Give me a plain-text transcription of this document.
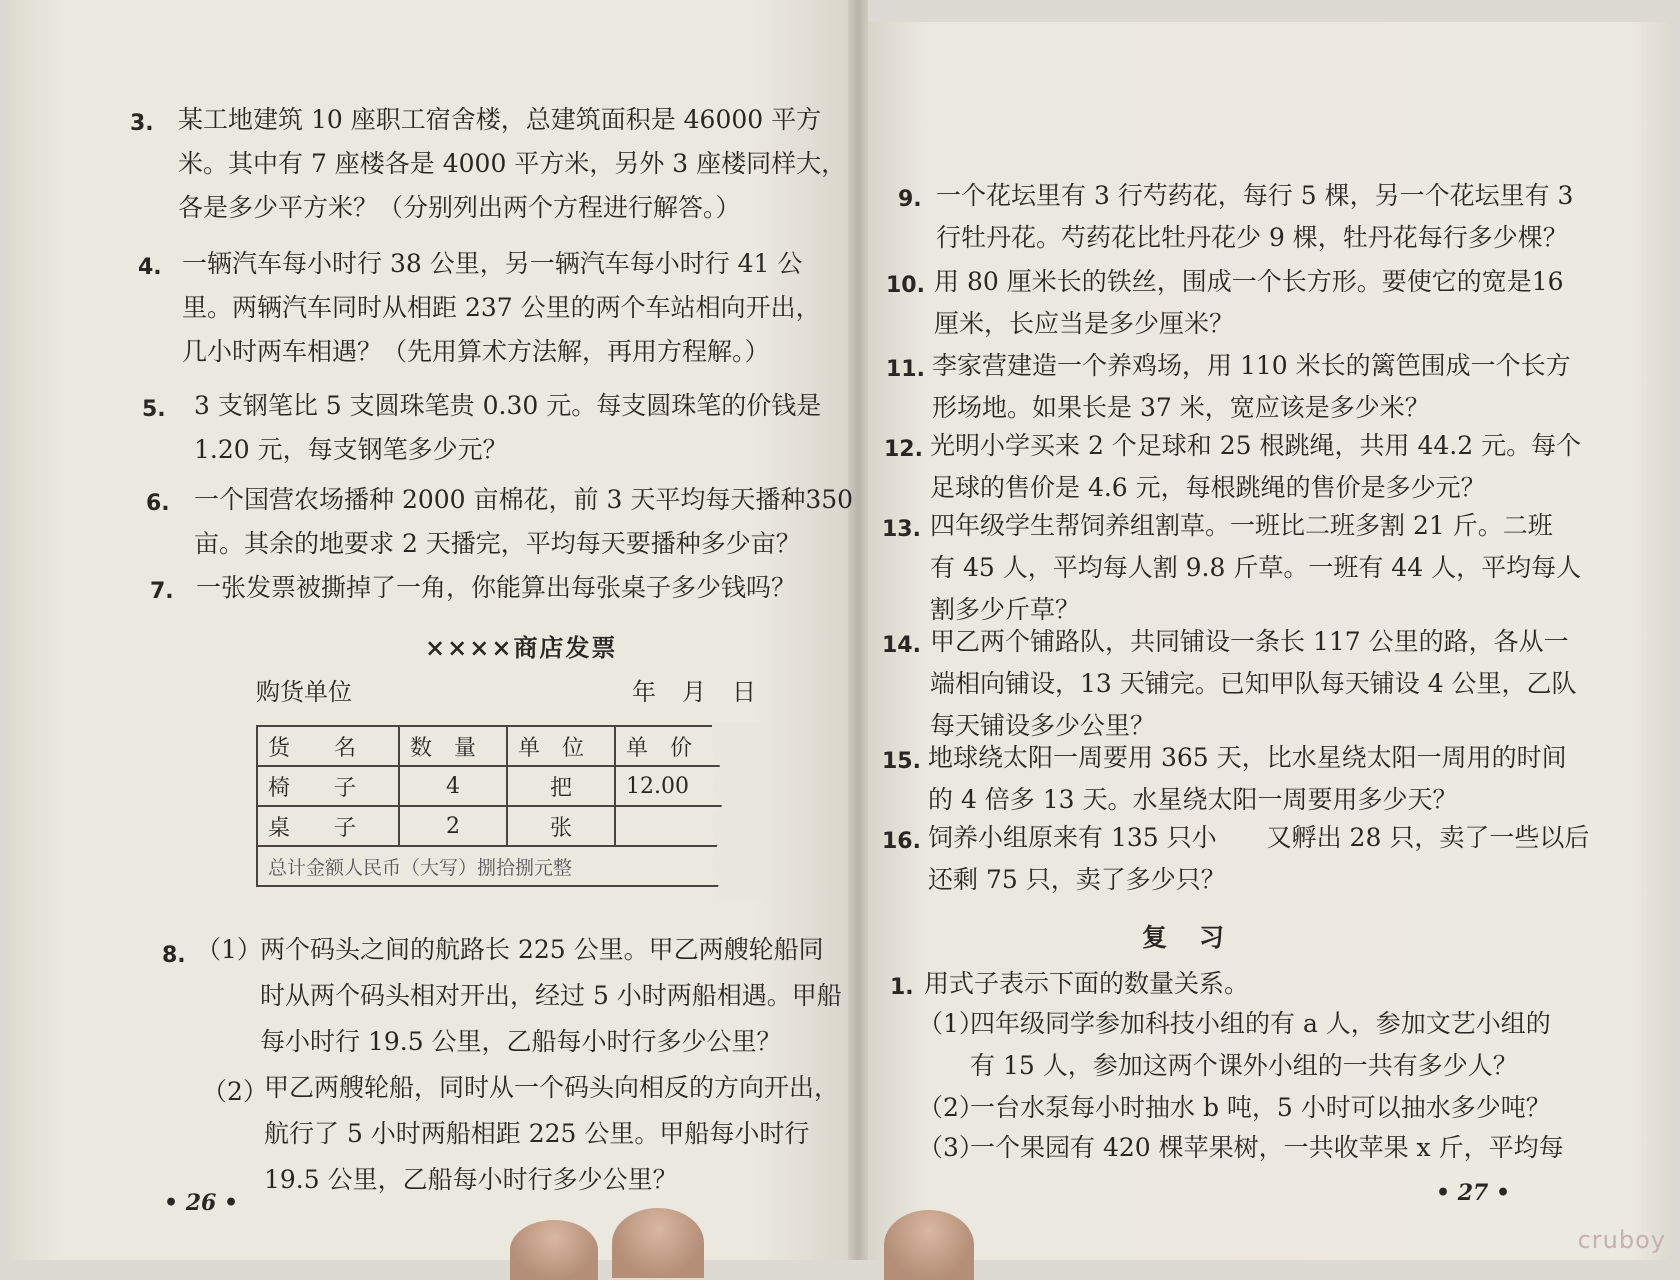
3. 某工地建筑 10 座职工宿舍楼，总建筑面积是 46000 平方
米。其中有 7 座楼各是 4000 平方米，另外 3 座楼同样大，
各是多少平方米？（分别列出两个方程进行解答。）
4. 一辆汽车每小时行 38 公里，另一辆汽车每小时行 41 公
里。两辆汽车同时从相距 237 公里的两个车站相向开出，
几小时两车相遇？（先用算术方法解，再用方程解。）
5. 3 支钢笔比 5 支圆珠笔贵 0.30 元。每支圆珠笔的价钱是
1.20 元，每支钢笔多少元？
6. 一个国营农场播种 2000 亩棉花，前 3 天平均每天播种350
亩。其余的地要求 2 天播完，平均每天要播种多少亩？
7. 一张发票被撕掉了一角，你能算出每张桌子多少钱吗？
××××商店发票
购货单位	年 月 日
货　　名	数　量	单　位	单　价
椅　　子	4	把	12.00
桌　　子	2	张	
总计金额人民币（大写）捌拾捌元整			
8. （1）
两个码头之间的航路长 225 公里。甲乙两艘轮船同
时从两个码头相对开出，经过 5 小时两船相遇。甲船
每小时行 19.5 公里，乙船每小时行多少公里？
（2）
甲乙两艘轮船，同时从一个码头向相反的方向开出，
航行了 5 小时两船相距 225 公里。甲船每小时行
19.5 公里，乙船每小时行多少公里？
• 26 •
9. 一个花坛里有 3 行芍药花，每行 5 棵，另一个花坛里有 3
行牡丹花。芍药花比牡丹花少 9 棵，牡丹花每行多少棵？
10. 用 80 厘米长的铁丝，围成一个长方形。要使它的宽是16
厘米，长应当是多少厘米？
11. 李家营建造一个养鸡场，用 110 米长的篱笆围成一个长方
形场地。如果长是 37 米，宽应该是多少米？
12. 光明小学买来 2 个足球和 25 根跳绳，共用 44.2 元。每个
足球的售价是 4.6 元，每根跳绳的售价是多少元？
13. 四年级学生帮饲养组割草。一班比二班多割 21 斤。二班
有 45 人，平均每人割 9.8 斤草。一班有 44 人，平均每人
割多少斤草？
14. 甲乙两个铺路队，共同铺设一条长 117 公里的路，各从一
端相向铺设，13 天铺完。已知甲队每天铺设 4 公里，乙队
每天铺设多少公里？
15. 地球绕太阳一周要用 365 天，比水星绕太阳一周用的时间
的 4 倍多 13 天。水星绕太阳一周要用多少天？
16. 饲养小组原来有 135 只小　　又孵出 28 只，卖了一些以后
还剩 75 只，卖了多少只？
复习
1. 用式子表示下面的数量关系。
（1）
四年级同学参加科技小组的有 a 人，参加文艺小组的
有 15 人，参加这两个课外小组的一共有多少人？
（2）
一台水泵每小时抽水 b 吨，5 小时可以抽水多少吨？
（3）
一个果园有 420 棵苹果树，一共收苹果 x 斤，平均每
• 27 •
cruboy
